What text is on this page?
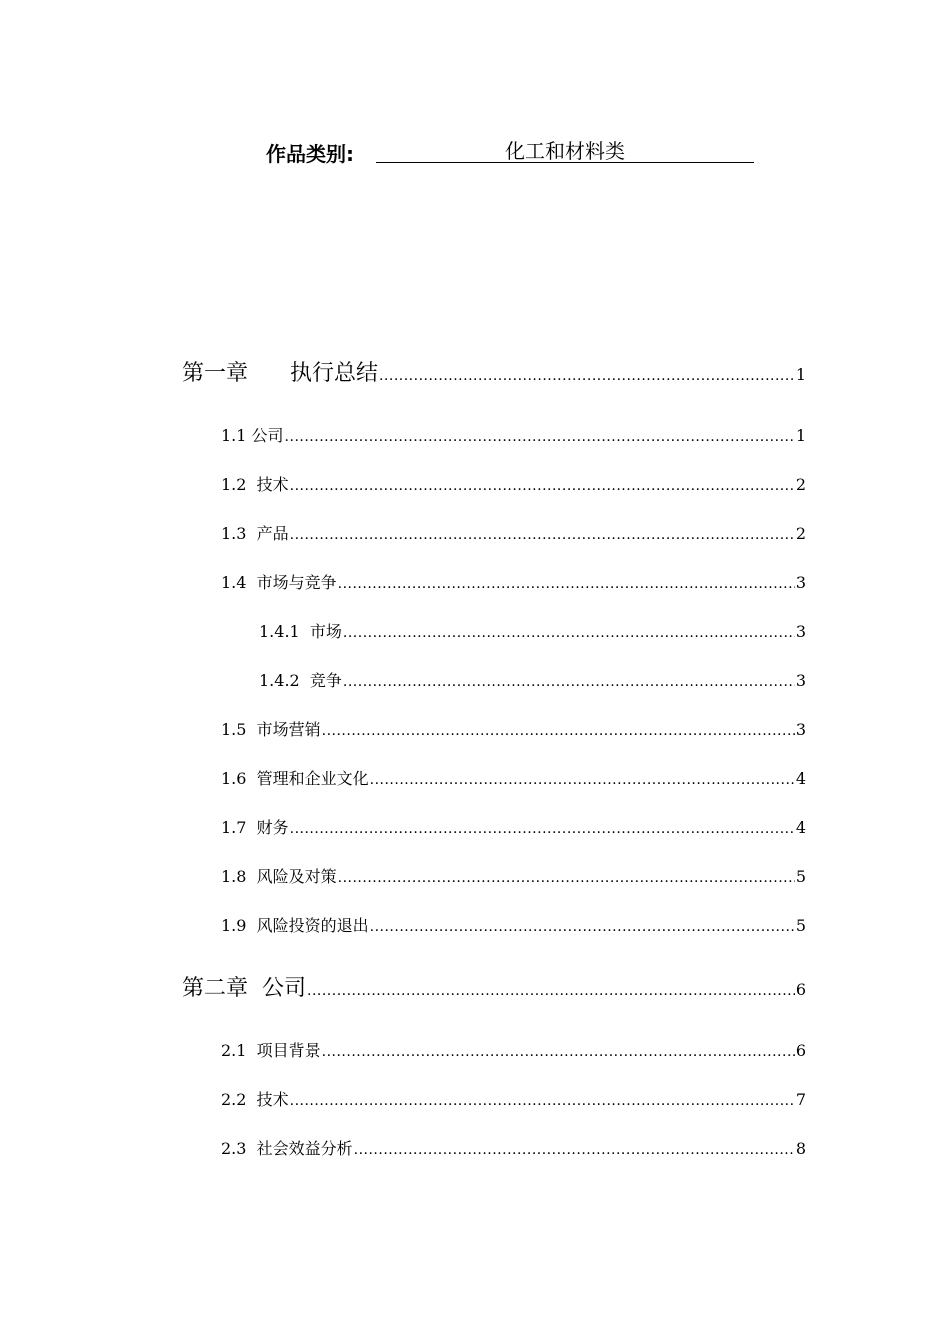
作品类别:	化工和材料类
第一章      执行总结 .....	1
1.1 公司 .....	1
1.2  技术 .....	2
1.3  产品 .....	2
1.4  市场与竞争 .....	3
1.4.1  市场 .....	3
1.4.2  竞争 .....	3
1.5  市场营销 .....	3
1.6  管理和企业文化 .....	4
1.7  财务 .....	4
1.8  风险及对策 .....	5
1.9  风险投资的退出 .....	5
第二章  公司 .....	6
2.1  项目背景 .....	6
2.2  技术 .....	7
2.3  社会效益分析 .....	8
